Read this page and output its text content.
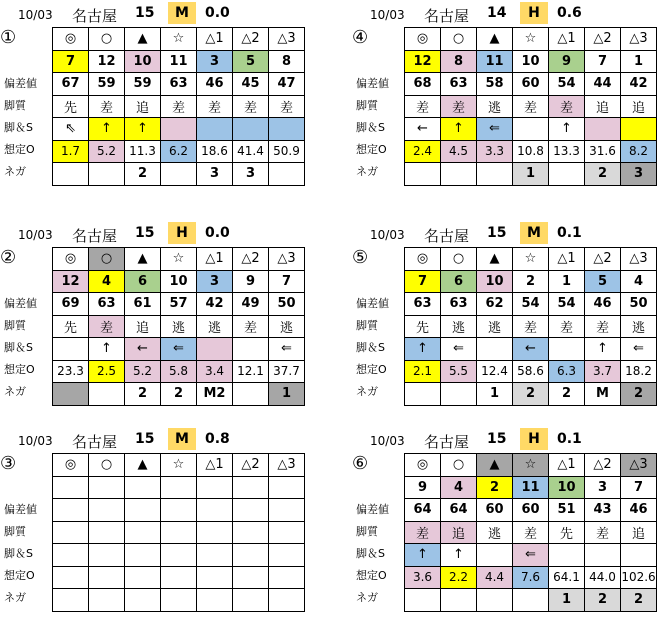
10/03 名古屋 15	M	0.0
①
偏差値
脚質
脚＆S
想定O
ネガ
◎	○	▲	☆	△1	△2	△3
7	12	10	11	3	5	8
67	59	59	63	46	45	47
先	差	追	差	差	差	差
⇖	↑	↑				
1.7	5.2	11.3	6.2	18.6	41.4	50.9
		2		3	3	
10/03 名古屋 14	H	0.6
④
偏差値
脚質
脚＆S
想定O
ネガ
◎	○	▲	☆	△1	△2	△3
12	8	11	10	9	7	1
68	63	58	60	54	44	42
差	差	逃	差	差	追	追
←	↑	⇐		↑		
2.4	4.5	3.3	10.8	13.3	31.6	8.2
			1		2	3
10/03 名古屋 15	H	0.0
②
偏差値
脚質
脚＆S
想定O
ネガ
◎	○	▲	☆	△1	△2	△3
12	4	6	10	3	9	7
69	63	61	57	42	49	50
先	差	追	逃	逃	差	逃
	↑	←	⇐			⇐
23.3	2.5	5.2	5.8	3.4	12.1	37.7
		2	2	M2		1
10/03 名古屋 15	M	0.1
⑤
偏差値
脚質
脚＆S
想定O
ネガ
◎	○	▲	☆	△1	△2	△3
7	6	10	2	1	5	4
63	63	62	54	54	46	50
先	逃	逃	差	差	差	逃
↑	⇐		←		↑	⇐
2.1	5.5	12.4	58.6	6.3	3.7	18.2
		1	2	2	M	2
10/03 名古屋 15	M	0.8
③
偏差値
脚質
脚＆S
想定O
ネガ
◎	○	▲	☆	△1	△2	△3

10/03 名古屋 15	H	0.1
⑥
偏差値
脚質
脚＆S
想定O
ネガ
◎	○	▲	☆	△1	△2	△3
9	4	2	11	10	3	7
64	64	60	60	51	43	46
差	追	逃	差	先	差	追
↑	↑		⇐			
3.6	2.2	4.4	7.6	64.1	44.0	102.6
				1	2	2
